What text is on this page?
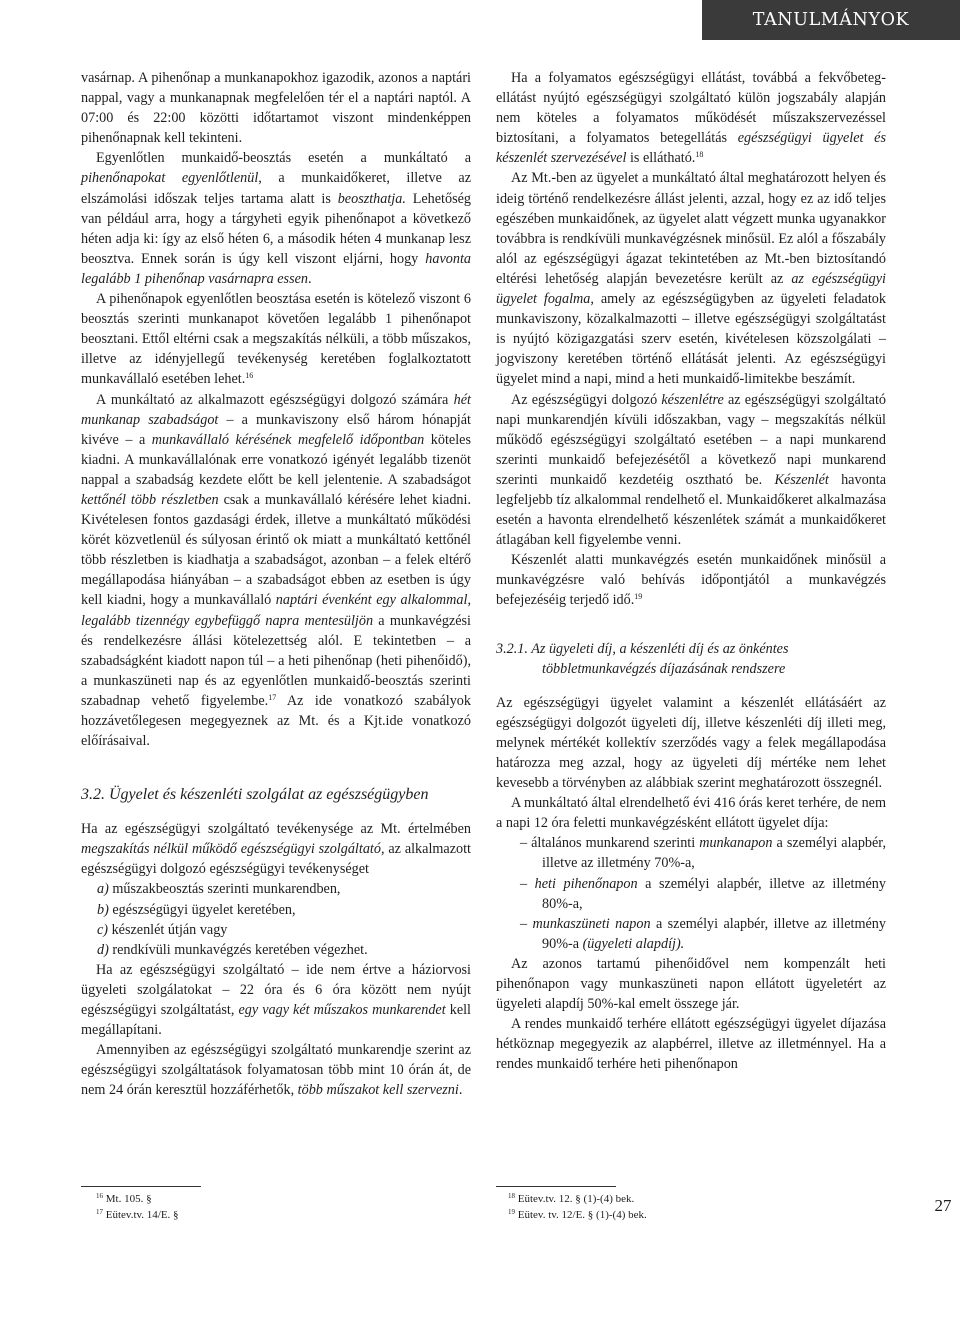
TANULMÁNYOK

vasárnap. A pihenőnap a munkanapokhoz igazodik, azonos a naptári nappal, vagy a munkanapnak megfelelően tér el a naptári naptól. A 07:00 és 22:00 közötti időtartamot viszont mindenképpen pihenőnapnak kell tekinteni.

Egyenlőtlen munkaidő-beosztás esetén a munkáltató a pihenőnapokat egyenlőtlenül, a munkaidőkeret, illetve az elszámolási időszak teljes tartama alatt is beoszthatja. Lehetőség van például arra, hogy a tárgyheti egyik pihenőnapot a következő héten adja ki: így az első héten 6, a második héten 4 munkanap lesz beosztva. Ennek során is úgy kell viszont eljárni, hogy havonta legalább 1 pihenőnap vasárnapra essen.

A pihenőnapok egyenlőtlen beosztása esetén is kötelező viszont 6 beosztás szerinti munkanapot követően legalább 1 pihenőnapot beosztani. Ettől eltérni csak a megszakítás nélküli, a több műszakos, illetve az idényjellegű tevékenység keretében foglalkoztatott munkavállaló esetében lehet.$^{16}$

A munkáltató az alkalmazott egészségügyi dolgozó számára hét munkanap szabadságot – a munkaviszony első három hónapját kivéve – a munkavállaló kérésének megfelelő időpontban köteles kiadni. A munkavállalónak erre vonatkozó igényét legalább tizenöt nappal a szabadság kezdete előtt be kell jelentenie. A szabadságot kettőnél több részletben csak a munkavállaló kérésére lehet kiadni. Kivételesen fontos gazdasági érdek, illetve a munkáltató működési körét közvetlenül és súlyosan érintő ok miatt a munkáltató kettőnél több részletben is kiadhatja a szabadságot, azonban – a felek eltérő megállapodása hiányában – a szabadságot ebben az esetben is úgy kell kiadni, hogy a munkavállaló naptári évenként egy alkalommal, legalább tizennégy egybefüggő napra mentesüljön a munkavégzési és rendelkezésre állási kötelezettség alól. E tekintetben – a szabadságként kiadott napon túl – a heti pihenőnap (heti pihenőidő), a munkaszüneti nap és az egyenlőtlen munkaidő-beosztás szerinti szabadnap vehető figyelembe.$^{17}$ Az ide vonatkozó szabályok hozzávetőlegesen megegyeznek az Mt. és a Kjt.ide vonatkozó előírásaival.

3.2. Ügyelet és készenléti szolgálat az egészségügyben

Ha az egészségügyi szolgáltató tevékenysége az Mt. értelmében megszakítás nélkül működő egészségügyi szolgáltató, az alkalmazott egészségügyi dolgozó egészségügyi tevékenységet

a) műszakbeosztás szerinti munkarendben,
b) egészségügyi ügyelet keretében,
c) készenlét útján vagy
d) rendkívüli munkavégzés keretében végezhet.

Ha az egészségügyi szolgáltató – ide nem értve a háziorvosi ügyeleti szolgálatokat – 22 óra és 6 óra között nem nyújt egészségügyi szolgáltatást, egy vagy két műszakos munkarendet kell megállapítani.

Amennyiben az egészségügyi szolgáltató munkarendje szerint az egészségügyi szolgáltatások folyamatosan több mint 10 órán át, de nem 24 órán keresztül hozzáférhetők, több műszakot kell szervezni.

Ha a folyamatos egészségügyi ellátást, továbbá a fekvőbeteg-ellátást nyújtó egészségügyi szolgáltató külön jogszabály alapján nem köteles a folyamatos működését műszakszervezéssel biztosítani, a folyamatos betegellátás egészségügyi ügyelet és készenlét szervezésével is ellátható.$^{18}$

Az Mt.-ben az ügyelet a munkáltató által meghatározott helyen és ideig történő rendelkezésre állást jelenti, azzal, hogy ez az idő teljes egészében munkaidőnek, az ügyelet alatt végzett munka ugyanakkor továbbra is rendkívüli munkavégzésnek minősül. Ez alól a főszabály alól az egészségügyi ágazat tekintetében az Mt.-ben biztosítandó eltérési lehetőség alapján bevezetésre került az az egészségügyi ügyelet fogalma, amely az egészségügyben az ügyeleti feladatok munkaviszony, közalkalmazotti – illetve egészségügyi szolgáltatást is nyújtó közigazgatási szerv esetén, kivételesen közszolgálati – jogviszony keretében történő ellátását jelenti. Az egészségügyi ügyelet mind a napi, mind a heti munkaidő-limitekbe beszámít.

Az egészségügyi dolgozó készenlétre az egészségügyi szolgáltató napi munkarendjén kívüli időszakban, vagy – megszakítás nélkül működő egészségügyi szolgáltató esetében – a napi munkarend szerinti munkaidő befejezésétől a következő napi munkarend szerinti munkaidő kezdetéig osztható be. Készenlét havonta legfeljebb tíz alkalommal rendelhető el. Munkaidőkeret alkalmazása esetén a havonta elrendelhető készenlétek számát a munkaidőkeret átlagában kell figyelembe venni.

Készenlét alatti munkavégzés esetén munkaidőnek minősül a munkavégzésre való behívás időpontjától a munkavégzés befejezéséig terjedő idő.$^{19}$

3.2.1. Az ügyeleti díj, a készenléti díj és az önkéntes
többletmunkavégzés díjazásának rendszere

Az egészségügyi ügyelet valamint a készenlét ellátásáért az egészségügyi dolgozót ügyeleti díj, illetve készenléti díj illeti meg, melynek mértékét kollektív szerződés vagy a felek megállapodása határozza meg azzal, hogy az ügyeleti díj mértéke nem lehet kevesebb a törvényben az alábbiak szerint meghatározott összegnél.

A munkáltató által elrendelhető évi 416 órás keret terhére, de nem a napi 12 óra feletti munkavégzésként ellátott ügyelet díja:

– általános munkarend szerinti munkanapon a személyi alapbér, illetve az illetmény 70%-a,
– heti pihenőnapon a személyi alapbér, illetve az illetmény 80%-a,
– munkaszüneti napon a személyi alapbér, illetve az illetmény 90%-a (ügyeleti alapdíj).

Az azonos tartamú pihenőidővel nem kompenzált heti pihenőnapon vagy munkaszüneti napon ellátott ügyeletért az ügyeleti alapdíj 50%-kal emelt összege jár.

A rendes munkaidő terhére ellátott egészségügyi ügyelet díjazása hétköznap megegyezik az alapbérrel, illetve az illetménnyel. Ha a rendes munkaidő terhére heti pihenőnapon

$^{16}$ Mt. 105. §

$^{17}$ Eütev.tv. 14/E. §

$^{18}$ Eütev.tv. 12. § (1)-(4) bek.

$^{19}$ Eütev. tv. 12/E. § (1)-(4) bek.	27
